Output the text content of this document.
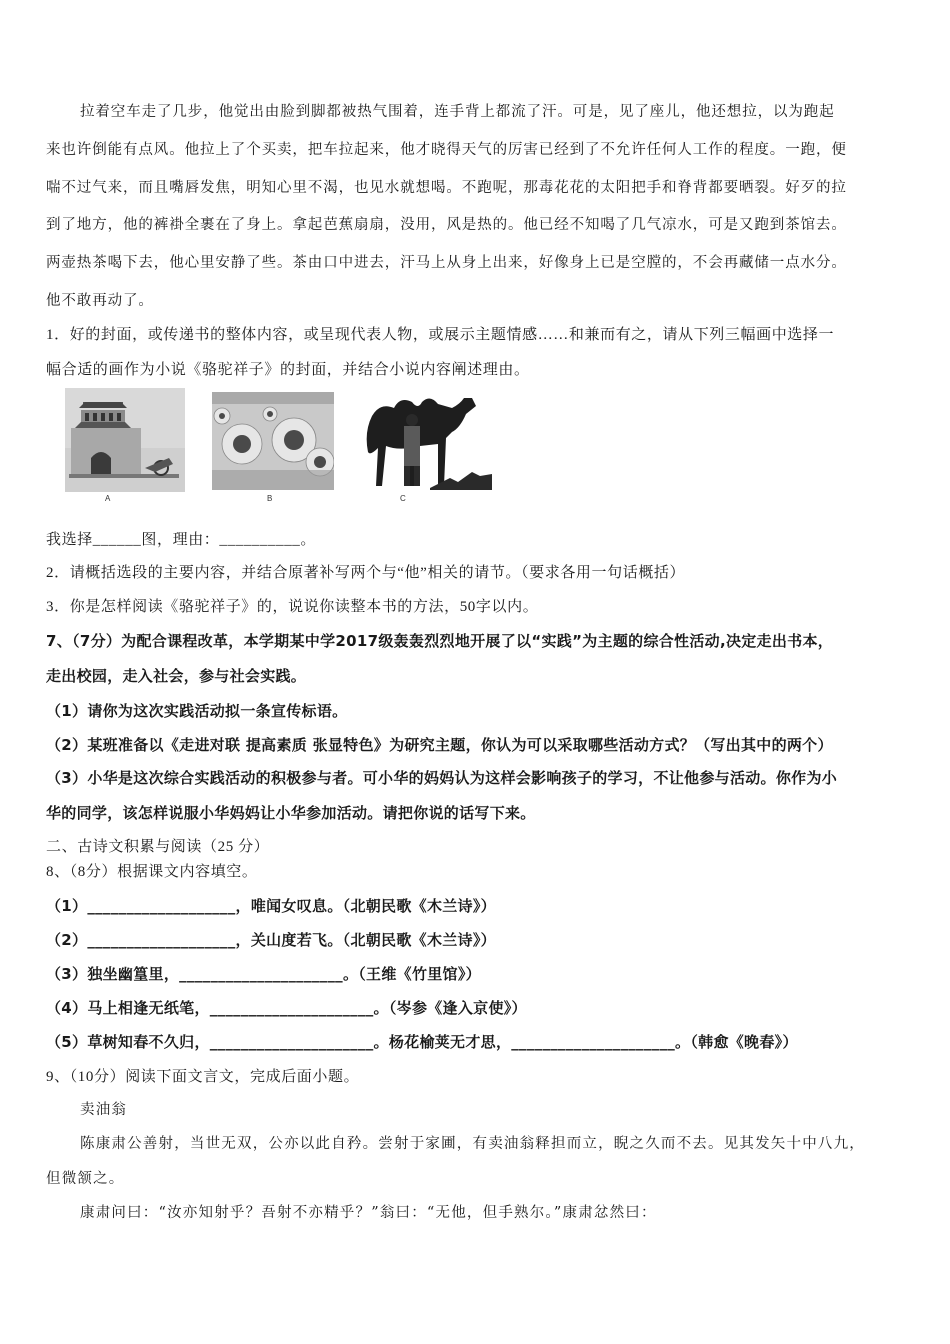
拉着空车走了几步，他觉出由脸到脚都被热气围着，连手背上都流了汗。可是，见了座儿，他还想拉，以为跑起
来也许倒能有点风。他拉上了个买卖，把车拉起来，他才晓得天气的厉害已经到了不允许任何人工作的程度。一跑，便
喘不过气来，而且嘴唇发焦，明知心里不渴，也见水就想喝。不跑呢，那毒花花的太阳把手和脊背都要晒裂。好歹的拉
到了地方，他的裤褂全裹在了身上。拿起芭蕉扇扇，没用，风是热的。他已经不知喝了几气凉水，可是又跑到茶馆去。
两壶热茶喝下去，他心里安静了些。茶由口中进去，汗马上从身上出来，好像身上已是空膛的，不会再藏储一点水分。
他不敢再动了。
1．好的封面，或传递书的整体内容，或呈现代表人物，或展示主题情感……和兼而有之，请从下列三幅画中选择一
幅合适的画作为小说《骆驼祥子》的封面，并结合小说内容阐述理由。
A	B	C
我选择______图，理由：__________。
2．请概括选段的主要内容，并结合原著补写两个与“他”相关的请节。（要求各用一句话概括）
3．你是怎样阅读《骆驼祥子》的，说说你读整本书的方法，50字以内。
7、（7分）为配合课程改革，本学期某中学2017级轰轰烈烈地开展了以“实践”为主题的综合性活动,决定走出书本，
走出校园，走入社会，参与社会实践。
（1）请你为这次实践活动拟一条宣传标语。
（2）某班准备以《走进对联 提高素质 张显特色》为研究主题，你认为可以采取哪些活动方式？（写出其中的两个）
（3）小华是这次综合实践活动的积极参与者。可小华的妈妈认为这样会影响孩子的学习，不让他参与活动。你作为小
华的同学，该怎样说服小华妈妈让小华参加活动。请把你说的话写下来。
二、古诗文积累与阅读（25 分）
8、（8分）根据课文内容填空。
（1）___________________，唯闻女叹息。（北朝民歌《木兰诗》）
（2）___________________，关山度若飞。（北朝民歌《木兰诗》）
（3）独坐幽篁里，_____________________。（王维《竹里馆》）
（4）马上相逢无纸笔，_____________________。（岑参《逢入京使》）
（5）草树知春不久归，_____________________。杨花榆荚无才思，_____________________。（韩愈《晚春》）
9、（10分）阅读下面文言文，完成后面小题。
卖油翁
陈康肃公善射，当世无双，公亦以此自矜。尝射于家圃，有卖油翁释担而立，睨之久而不去。见其发矢十中八九，
但微颔之。
康肃问曰：“汝亦知射乎？吾射不亦精乎？”翁曰：“无他，但手熟尔。”康肃忿然曰：
